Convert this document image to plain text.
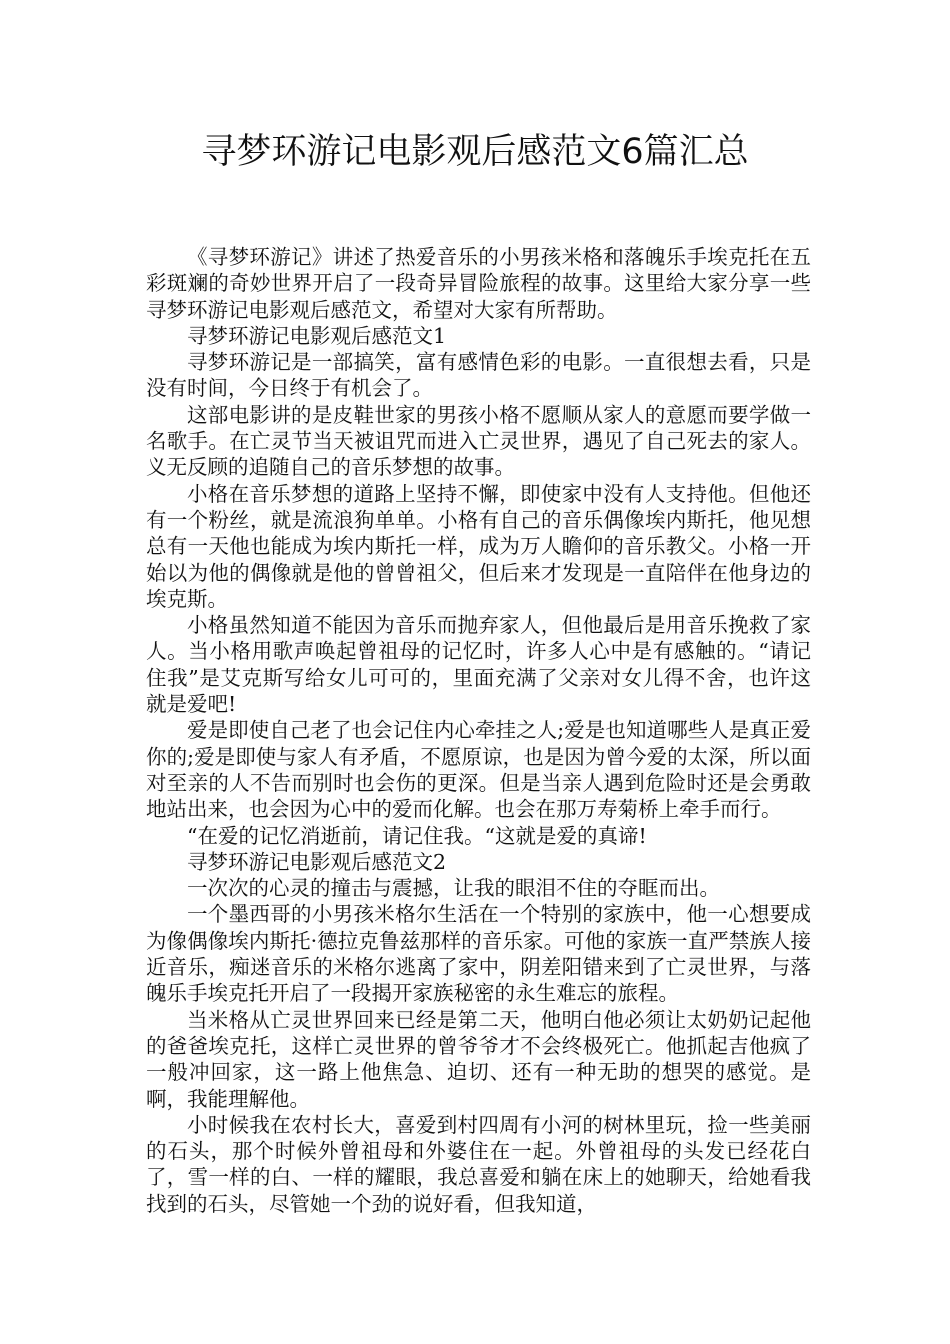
寻梦环游记电影观后感范文6篇汇总

《寻梦环游记》讲述了热爱音乐的小男孩米格和落魄乐手埃克托在五彩斑斓的奇妙世界开启了一段奇异冒险旅程的故事。这里给大家分享一些寻梦环游记电影观后感范文，希望对大家有所帮助。

寻梦环游记电影观后感范文1

寻梦环游记是一部搞笑，富有感情色彩的电影。一直很想去看，只是没有时间，今日终于有机会了。

这部电影讲的是皮鞋世家的男孩小格不愿顺从家人的意愿而要学做一名歌手。在亡灵节当天被诅咒而进入亡灵世界，遇见了自己死去的家人。义无反顾的追随自己的音乐梦想的故事。

小格在音乐梦想的道路上坚持不懈，即使家中没有人支持他。但他还有一个粉丝，就是流浪狗单单。小格有自己的音乐偶像埃内斯托，他见想总有一天他也能成为埃内斯托一样，成为万人瞻仰的音乐教父。小格一开始以为他的偶像就是他的曾曾祖父，但后来才发现是一直陪伴在他身边的埃克斯。

小格虽然知道不能因为音乐而抛弃家人，但他最后是用音乐挽救了家人。当小格用歌声唤起曾祖母的记忆时，许多人心中是有感触的。“请记住我”是艾克斯写给女儿可可的，里面充满了父亲对女儿得不舍，也许这就是爱吧!

爱是即使自己老了也会记住内心牵挂之人;爱是也知道哪些人是真正爱你的;爱是即使与家人有矛盾，不愿原谅，也是因为曾今爱的太深，所以面对至亲的人不告而别时也会伤的更深。但是当亲人遇到危险时还是会勇敢地站出来，也会因为心中的爱而化解。也会在那万寿菊桥上牵手而行。

“在爱的记忆消逝前，请记住我。“这就是爱的真谛!

寻梦环游记电影观后感范文2

一次次的心灵的撞击与震撼，让我的眼泪不住的夺眶而出。

一个墨西哥的小男孩米格尔生活在一个特别的家族中，他一心想要成为像偶像埃内斯托·德拉克鲁兹那样的音乐家。可他的家族一直严禁族人接近音乐，痴迷音乐的米格尔逃离了家中，阴差阳错来到了亡灵世界，与落魄乐手埃克托开启了一段揭开家族秘密的永生难忘的旅程。

当米格从亡灵世界回来已经是第二天，他明白他必须让太奶奶记起他的爸爸埃克托，这样亡灵世界的曾爷爷才不会终极死亡。他抓起吉他疯了一般冲回家，这一路上他焦急、迫切、还有一种无助的想哭的感觉。是啊，我能理解他。

小时候我在农村长大，喜爱到村四周有小河的树林里玩，捡一些美丽的石头，那个时候外曾祖母和外婆住在一起。外曾祖母的头发已经花白了，雪一样的白、一样的耀眼，我总喜爱和躺在床上的她聊天，给她看我找到的石头，尽管她一个劲的说好看，但我知道，
